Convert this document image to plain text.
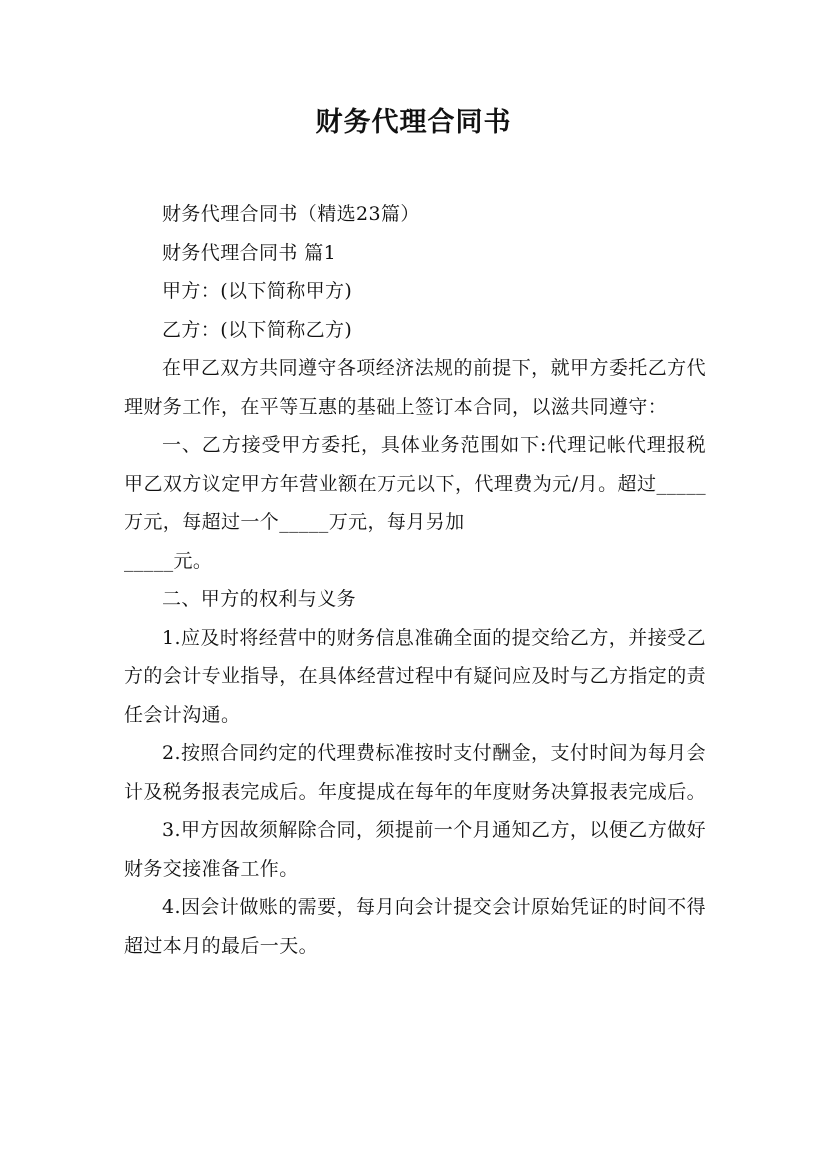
财务代理合同书

财务代理合同书（精选23篇）

财务代理合同书 篇1

甲方：(以下简称甲方)

乙方：(以下简称乙方)

在甲乙双方共同遵守各项经济法规的前提下，就甲方委托乙方代理财务工作，在平等互惠的基础上签订本合同，以滋共同遵守：

一、乙方接受甲方委托，具体业务范围如下:代理记帐代理报税甲乙双方议定甲方年营业额在万元以下，代理费为元/月。超过_____万元，每超过一个_____万元，每月另加

_____元。

二、甲方的权利与义务

1.应及时将经营中的财务信息准确全面的提交给乙方，并接受乙方的会计专业指导，在具体经营过程中有疑问应及时与乙方指定的责任会计沟通。

2.按照合同约定的代理费标准按时支付酬金，支付时间为每月会计及税务报表完成后。年度提成在每年的年度财务决算报表完成后。

3.甲方因故须解除合同，须提前一个月通知乙方，以便乙方做好财务交接准备工作。

4.因会计做账的需要，每月向会计提交会计原始凭证的时间不得超过本月的最后一天。
